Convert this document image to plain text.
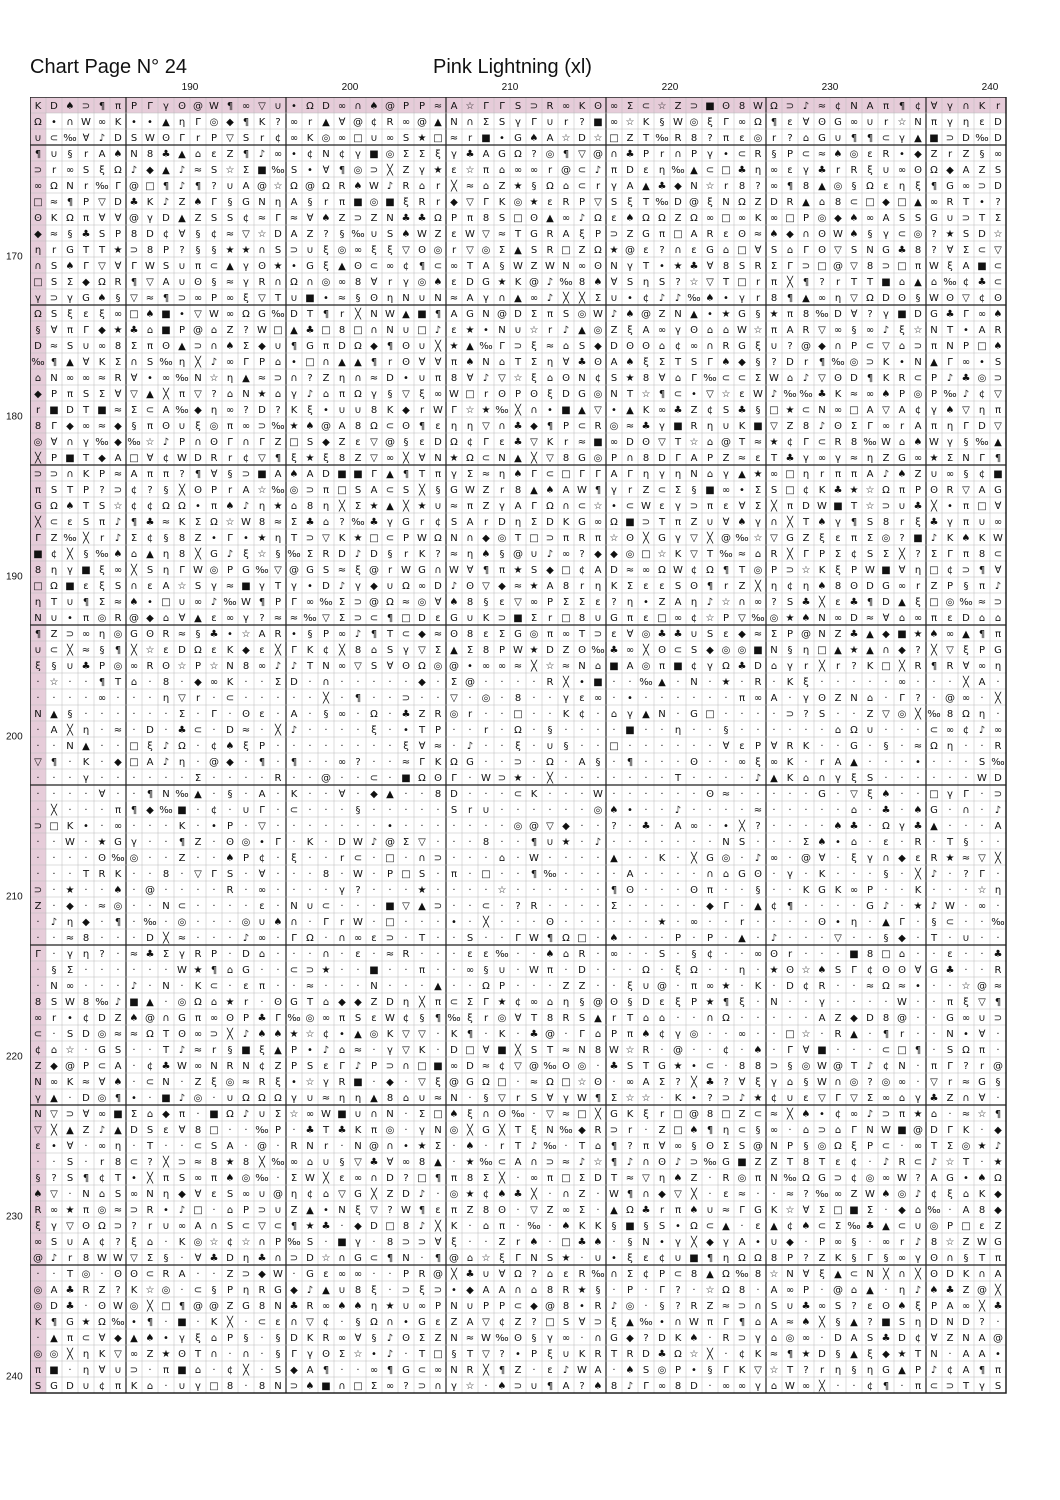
Chart Page N° 24	Pink Lightning (xl)
190	200	210	220	230	240
170
180
190
200
210
220
230
240
K D ♠ ⊃ ¶ π P Γ γ ʘ @ W ¶ ∞ ▽ ∪ • Ω D ∞ ∩ ♠ @ P P ≈ A ☆ Γ Γ S ⊃ R ∞ K ʘ ∞ Σ ⊂ ☆ Z ⊃ ■ ʘ 8 W Ω ⊃ ♪ ≈ ¢ N A π ¶ ¢ ∀ γ ∩ K r
Ω • ∩ W ∞ K • • ▲ η Γ ◎ ◆ ¶ K ? ∞ r ▲ ∀ @ ¢ R ∞ @ ▲ N ∩ Σ S γ Γ ∪ r ? ■ ∞ ☆ K § W ◎ ξ Γ ∞ Ω ¶ ε ∀ ʘ G ∞ ∪ r ☆ N π γ η ε D
∪ ⊂ ‰ ∀ ♪ D S W ʘ Γ r P ▽ S r ¢ ∞ K ◎ ∞ □ ∪ ∞ S ★ □ ≈ r ■ • G ♠ A ☆ D ☆ □ Z T ‰ R 8 ? π ε ◎ r ? ⌂ G ∪ ¶ ¶ ⊂ γ ▲ ■ ⊃ D ‰ D
¶ ∪ § r A ♠ N 8 ♣ ▲ ⌂ ε Z ¶ ♪ ∞ • ¢ N ¢ γ ■ ◎ Σ Σ ξ γ ♣ A G Ω ? ◎ ¶ ▽ @ ∩ ♣ P r ∩ P γ • ⊂ R § P ⊂ ≈ ♠ ◎ ε R • ◆ Z r Z § ∞
⊃ r ∞ S ξ Ω ♪ ◆ ▲ ♪ ≈ S ☆ Σ ■ ‰ S • ∀ ¶ ◎ ⊃ ╳ Z γ ★ ε ☆ π ⌂ ∞ ∞ r @ ⊂ ♪ π D ε η ‰ ▲ ⊂ □ ♣ η ∞ ε γ ♣ r R ξ ∪ ∞ ʘ Ω ◆ A Z S
∞ Ω N r ‰ Γ @ □ ¶ ♪ ¶ ? ∪ A @ ☆ Ω @ Ω R ♠ W ♪ R ⌂ r ╳ ≈ ⌂ Z ★ § Ω ⌂ ⊂ r γ A ▲ ♣ ◆ N ☆ r 8 ? ∞ ¶ 8 ▲ ◎ § Ω ε η ξ ¶ G ∞ ⊃ D
□ ≈ ¶ P ▽ D ♣ K ♪ Z ♠ Γ § G N η A § r π ■ ◎ ■ ξ R r ◆ ▽ Γ K ◎ ★ ε R P ▽ S ξ T ‰ D @ ξ N Ω Z D R ▲ ⌂ 8 ⊂ □ ◆ □ ▲ ∞ R T • ?
ʘ K Ω π ∀ ∀ @ γ D ▲ Z S S ¢ ≈ Γ ≈ ∀ ♠ Z ⊃ Z N ♣ ♣ Ω P π 8 S □ ʘ ▲ ∞ ♪ Ω ε ♠ Ω Ω Z Ω ∞ □ ∞ K ∞ □ P ◎ ◆ ♠ ∞ A S S G ∪ ⊃ T Σ
◆ ≈ § ♣ S P 8 D ¢ ∀ § ¢ ≈ ▽ ☆ D A Z ? § ‰ ∪ S ♠ W Z ε W ▽ ≈ T G R A ξ P ⊃ Z G π □ A R ε ʘ ≈ ♠ ◆ ∩ ʘ W ♠ § γ ⊂ ◎ ? ★ S D ☆
η r G T T ★ ⊃ 8 P ? § § ★ ★ ∩ S ⊃ ∪ ξ ◎ ∞ ξ ξ ▽ ʘ ◎ r ▽ ◎ Σ ▲ S R □ Z Ω ★ @ ε ? ∩ ε G ⌂ □ ∀ S ⌂ Γ ʘ ▽ S N G ♣ 8 ? ∀ Σ ⊂ ▽
∩ S ♠ Γ ▽ ∀ Γ W S ∪ π ⊂ ▲ γ ʘ ★ • G ξ ▲ ʘ ⊂ ∞ ¢ ¶ ⊂ ∞ T A § W Z W N ∞ ʘ N γ T • ★ ♣ ∀ 8 S R Σ Γ ⊃ □ @ ▽ 8 ⊃ □ π W ξ A ■ ⊂
□ S Σ ◆ Ω R ¶ ▽ A ∪ ʘ § ≈ γ R ∩ Ω ∩ ◎ ∞ 8 ∀ r γ ◎ ♠ ε D G ★ K @ ♪ ‰ 8 ♠ ∀ S η S ? ☆ ▽ T □ r π ╳ ¶ ? r T T ■ ⌂ ▲ ⌂ ‰ ¢ ♣ ⊂
γ ⊃ γ G ♠ § ▽ ≈ ¶ ⊃ ∞ P ∞ ξ ▽ T ∪ ■ • ≈ § ʘ η N ∪ N ≈ A γ ∩ ▲ ∞ ♪ ╳ ╳ Σ ∪ • ¢ ♪ ♪ ‰ ♠ • γ r 8 ¶ ▲ ∞ η ▽ Ω D ʘ § W ʘ ▽ ¢ ʘ
Ω S ξ ε ξ ∞ □ ♠ ■ • ▽ W ∞ Ω G ‰ D T ¶ r ╳ N W ▲ ■ ¶ A G N @ D Σ π S ◎ W ♪ ♠ @ Z N ▲ • ★ G § ★ π 8 ‰ D ∀ ? γ ■ D G ♣ Γ ∞ ♠
§ ∀ π Γ ◆ ★ ♣ ⌂ ■ P @ ⌂ Z ? W □ ▲ ♣ □ 8 □ ∩ N ∪ □ ♪ ε ★ • N ∪ ☆ r ♪ ▲ ◎ Z ξ A ∞ γ ʘ ⌂ ⌂ W ☆ π A R ▽ ∞ § ∞ ♪ ξ ☆ N T • A R
D ≈ S ∪ ∞ 8 Σ π ʘ ▲ ⊃ ∩ ♠ Σ ◆ ∪ ¶ G π D Ω ◆ ¶ ʘ ∪ ╳ ★ ▲ ‰ Γ ⊃ ξ ≈ ⌂ S ◆ D ʘ ʘ ⌂ ¢ ∞ ∩ R G ξ ∪ ? @ ◆ ∩ P ⊂ ▽ ⌂ ⊃ π N P □ ♠
‰ ¶ ▲ ∀ K Σ ∩ S ‰ η ╳ ♪ ∞ Γ P ⌂ • □ ∩ ▲ ▲ ¶ r ʘ ∀ ∀ π ♠ N ⌂ T Σ η ∀ ♣ ʘ A ♠ ξ Σ T S Γ ♠ ◆ § ? D r ¶ ‰ ◎ ⊃ K • N ▲ Γ ∞ • S
⌂ N ∞ ∞ ≈ R ∀ • ∞ ‰ N ☆ η ▲ ≈ ⊃ ∩ ? Z η ∩ ≈ D • ∪ π 8 ∀ ♪ ▽ ☆ ξ ⌂ ʘ N ¢ S ★ 8 ∀ ⌂ Γ ‰ ⊂ ⊂ Σ W ⌂ ♪ ▽ ʘ D ¶ K R ⊂ P ♪ ♣ ◎ ⊃
◆ P π S Σ ∀ ▽ ▲ ╳ π ▽ ? ⌂ N ★ ⌂ γ ♪ ⌂ π Ω γ § ▽ ξ ∞ W □ r ʘ P ʘ ξ D G ◎ N T ☆ ¶ ⊂ • ▽ ☆ ε W ♪ ‰ ‰ ♣ K ≈ ∞ ♠ P ◎ P ‰ ♪ ¢ ▽
r ■ D T ■ ≈ Σ ⊂ A ‰ ◆ η ∞ ? D ? K ξ • ∪ ∪ 8 K ◆ r W Γ ☆ ★ ‰ ╳ ∩ • ■ ▲ ▽ • ▲ K ∞ ♣ Z ¢ S ♣ § □ ★ ⊂ N ∞ □ A ▽ A ¢ γ ♠ ▽ η π
8 Γ ◆ ∞ ≈ ◆ § π ʘ ∪ ξ ◎ π ∞ ⊃ ‰ ★ ♠ @ A 8 Ω ⊂ ʘ ¶ ε η η ▽ ∩ ♣ ◆ ¶ P ⊂ R ◎ ≈ ♣ γ ■ R η ∪ K ■ ▽ Z 8 ♪ ʘ Σ Γ ∞ r A π η Γ D ▽
◎ ∀ ∩ γ ‰ ◆ ‰ ☆ ♪ P ∩ ʘ Γ ∩ Γ Z □ S ◆ Z ε ▽ @ § ε D Ω ¢ Γ ε ♣ ▽ K r ≈ ■ ∞ D ʘ ▽ T ☆ ⌂ @ T ≈ ★ ¢ Γ ⊂ R 8 ‰ W ⌂ ♠ W γ § ‰ ▲
╳ P ■ T ◆ A □ ∀ ¢ W D R r ¢ ▽ ¶ ξ ★ ξ 8 Z ▽ ∞ ╳ ∀ N ★ Ω ⊂ N ▲ ╳ ▽ 8 G ◎ P ∩ 8 D Γ A P Z ≈ ε T ♣ γ ∞ γ ≈ η Z G ∞ ★ Σ N Γ ¶
⊃ ⊃ ∩ K P ≈ A π π ? ¶ ∀ § ⊃ ■ A ♠ A D ■ ■ Γ ▲ ¶ T π γ Σ ≈ η ♠ Γ ⊂ □ Γ Γ A Γ η γ η N ⌂ γ ▲ ★ ∞ □ η r π π A ♪ ♠ Z ∪ ∞ § ¢ ■
π S T P ? ⊃ ¢ ? § ╳ ʘ P r A ☆ ‰ ◎ ⊃ π □ S A ⊂ S ╳ § G W Z r 8 ▲ ♠ A W ¶ γ r Z ⊂ Σ § ■ ∞ • Σ S □ ¢ K ♣ ★ ☆ Ω π P ʘ R ▽ A G
G Ω ♠ T S ☆ ¢ ¢ Ω Ω • π ♠ ♪ η ★ ⌂ 8 η ╳ Σ ★ ▲ ╳ ★ ∪ ≈ π Z γ A Γ Ω ∩ ⊂ ☆ • ⊂ W ε γ ⊃ π ε ∀ Σ ╳ π D W ■ T ☆ ⊃ ∪ ♣ ╳ • π □ ∀
╳ ⊂ ε S π ♪ ¶ ♣ ≈ K Σ Ω ☆ W 8 ≈ Σ ♣ ⌂ ? ‰ ♣ γ G r ¢ S A r D η Σ D K G ∞ Ω ■ ⊃ T π Z ∪ ∀ ♠ γ ∩ ╳ T ♠ γ ¶ S 8 r ξ ♣ γ π ∪ ∞
Γ Z ‰ ╳ r ♪ Σ ¢ § 8 Z • Γ • ★ η T ⊃ ▽ K ★ □ ⊂ P W Ω N ∩ ◆ ◎ T □ ⊃ π R π ☆ ʘ ╳ G γ ▽ ╳ @ ‰ ☆ ▽ G Z ξ ε π Σ ◎ ? ■ ♪ K ♠ K W
■ ¢ ╳ § ‰ ♠ ⌂ ▲ η 8 ╳ G ♪ ξ ☆ § ‰ Σ R D ♪ D § r K ? ≈ η ♠ § @ ∪ ♪ ∞ ? ◆ ◆ ◎ □ ☆ K ▽ T ‰ ≈ ⌂ R ╳ Γ P Σ ¢ S Σ ╳ ? Σ Γ π 8 ⊂
8 η γ ■ ξ ∞ ╳ S η Γ W ◎ P G ‰ ▽ @ G S ≈ ξ @ r W G ∩ W ∀ ¶ π ★ S ◆ □ ¢ A D ≈ ∞ Ω W ¢ Ω ¶ T ◎ P ⊃ ☆ K ξ P W ■ ∀ η □ ¢ ⊃ ¶ ∀
□ Ω ■ ε ξ S ∩ ε A ☆ S γ ≈ ■ γ T γ • D ♪ γ ◆ ∪ Ω ∞ D ♪ ʘ ▽ ◆ ≈ ★ A 8 r η K Σ ε ε S ʘ ¶ r Z ╳ η ¢ η ♠ 8 ʘ D G ∞ r Z P § π ♪
η T ∪ ¶ Σ ≈ ♠ • □ ∪ ∞ ♪ ‰ W ¶ P Γ ∞ ‰ Σ ⊃ @ Ω ≈ ◎ ∀ ♠ 8 § ε ▽ ∞ P Σ Σ ε ? η • Z A η ♪ ☆ ∩ ∞ ? S ♣ ╳ ε ♣ ¶ D ▲ ξ □ ◎ ‰ ≈ ⊃
N ∪ • π ◎ R @ ◆ ⌂ ∀ ▲ ε ∞ γ ? ≈ ≈ ‰ ▽ Σ ⊃ ⊂ ¶ □ D ε G ∪ K ⊃ ■ Σ r □ 8 ∪ G π ε □ ∞ ¢ ☆ P ▽ ‰ ◎ ★ ♠ N ∞ D ≈ ∀ ⌂ ∞ π ε D ⌂ ⌂
¶ Z ⊃ ∞ η ◎ G ʘ R ≈ § ♣ • ☆ A R • § P ∞ ♪ ¶ T ⊂ ◆ ≈ ʘ 8 ε Σ G ◎ π ∞ T ⊃ ε ∀ ◎ ♣ ♣ ∪ S ε ◆ ≈ Σ P @ N Z ♣ ▲ ◆ ■ ★ ♠ ∞ ▲ ¶ π
∪ ⊂ ╳ ≈ § ¶ ╳ ☆ ε D Ω ε K ◆ ε ╳ Γ K ¢ ╳ 8 ⌂ S γ ▽ Σ ▲ Σ 8 P W ★ D Z ʘ ‰ ♣ ∞ ╳ ʘ ⊂ S ◆ ◎ ◎ ■ N § η □ ▲ ★ ▲ ∩ ◆ ? ╳ ▽ ξ P G
ξ § ∪ ♣ P ◎ ∞ R ʘ ☆ P ☆ N 8 ∞ ♪ ♪ T N ∞ ▽ S ∀ ʘ Ω ◎ @ • ∞ ∞ ≈ ╳ ☆ ≈ N ⌂ ■ A ◎ π ■ ¢ γ Ω ♣ D ⌂ γ r ╳ r ? K □ ╳ R ¶ R ∀ ∞ η
· ☆ · · ¶ T ⌂ · 8 · ◆ ∞ K · · Σ D · ∩ · · · · · ◆ · Σ @ · · · · R ╳ • ■ · · ‰ ▲ · N · ★ · R · K ξ · · · · · ∞ · · · ╳ A ·
· · · · ∞ · · · η ▽ r · ⊂ · · · · · ╳ · ¶ · · ⊃ · · ▽ · ◎ · 8 · · γ ε ∞ · • · · · · · · π ∞ A · γ ʘ Z N ⌂ · Γ ? · @ ∞ · ╳
N ▲ § · · · · · · Σ · Γ · ʘ ε · A · § ∞ · Ω · ♣ Z R ◎ r · · □ · · K ¢ · ⌂ γ ▲ N · G □ · · · · ⊃ ? S · · Z ▽ ◎ ╳ ‰ 8 Ω η ·
· A ╳ η · ≈ · D · ♣ ⊂ · D ≈ · ╳ ♪ · · · · ξ · • T P · · r · Ω · § · · · · ■ · · η · · § · · · · · · ⌂ Ω ∪ · · · ⊂ ∞ ¢ ♪ ∞
· · N ▲ · · □ ξ ♪ Ω · ¢ ♠ ξ P · · · · · · · · ξ ∀ ≈ · ♪ · · ξ · ∪ § · · □ · · · · · · ∀ ε P ∀ R K · · G · § · ≈ Ω η · · R
▽ ¶ · K · ◆ □ A ♪ η · @ ◆ · ¶ · ¶ · · ∞ ? · · ≈ Γ K Ω G · · ⊃ · Ω · A § · ¶ · · · ʘ · · ∞ ξ ∞ K · r A ▲ · · · • · · · S ‰
· · · γ · · · · · · Σ · · · · R · · @ · · ⊂ · ■ Ω ʘ Γ · W ⊃ ★ · ╳ · · · · · · · T · · · · ♪ ▲ K ⌂ ∩ γ ξ S · · · · · · W D
· · · · ∀ · · ¶ N ‰ ▲ · § · A · K · · ∀ · ◆ ▲ · · 8 D · · · ⊂ K · · · W · · · · · · ʘ ≈ · · · · · G · ▽ ξ ♠ · · □ γ Γ · ⊃
· ╳ · · · π ¶ ◆ ‰ ■ · ¢ · ∪ Γ · ⊂ · · · § · · · · · S r ∪ · · · · · · ◎ ♠ • · · ♪ · · · · ≈ · · · · · ⌂ · ♣ · ♠ G · ∩ · ♪
⊃ □ K • · ∞ · · · K · • P · ▽ · · · · · · · • · · · · · · · ◎ @ ▽ ◆ · · ? · ♣ · A ∞ · • ╳ ? · · · · ♠ ♣ · Ω γ ♣ ▲ · · · A
· · W · ★ G γ · · ¶ Z · ʘ ◎ • Γ · K · D W ♪ @ Σ ▽ · · · 8 · · ¶ ∪ ★ · ♪ · · · · · · · N S · · · Σ ♠ • ⌂ · ε · R · T § · ·
· · · · ʘ ‰ ◎ · · Z · · ♠ P ¢ · ξ · · r ⊂ · □ · ∩ ⊃ · · · ⌂ · W · · · · ▲ · · K · ╳ G ◎ · ♪ ∞ · @ ∀ · ξ γ ∩ ◆ ε R ★ ≈ ▽ ╳
· · · T R K · · 8 · ▽ Γ S · ∀ · · · 8 · W · P □ S · π · □ · · ¶ ‰ · · · · A · · · · ∩ ⌂ G ʘ · γ · K · · · § · ╳ ♪ · ? Γ ·
⊃ · ★ · · ♠ · @ · · · · R · ∞ · · · · γ ? · · · ★ · · · · ☆ · · · · · · ¶ ʘ · · · ʘ π · · § · · K G K ∞ P · · K · · · ☆ η
Z · ◆ · ≈ ◎ · · N ⊂ · · · · ε · N ∪ ⊂ · · · ■ ▽ ▲ ⊃ · · ⊂ · ? R · · · · Σ · · · · · ◆ Γ · ▲ ¢ ¶ · · · · G ♪ · ★ ♪ W · ∞ ·
· ♪ η ◆ · ¶ · ‰ · ◎ · · · ◎ ∪ ♠ ∩ · Γ r W · □ · · · • · ╳ · · · ʘ · · · · · · ★ · ∞ · · r · · · · ʘ • η · ▲ Γ · § ⊂ · · ‰
· · ≈ 8 · · · D ╳ ≈ · · · ♪ ∞ · Γ Ω · ∩ ∞ ε ⊃ · T · · S · · Γ W ¶ Ω □ · ♠ · · · P · P · ▲ · ♪ · · · ▽ · · § ◆ · T · ∪ · ·
Γ · γ η ? · ≈ ♣ Σ γ R P · D ⌂ · · · ∩ · ε · ≈ R · · · ε ε ‰ · · ♠ ⌂ R · ∞ · · S · § ¢ · · ∞ ʘ r · · · ■ 8 □ ⌂ · · ε · · ♣
· § Σ · · · · · · W ★ ¶ ⌂ G · · ⊂ ⊃ ★ · · ■ · · π · · ∞ § ∪ · W π · D · · · Ω · ξ Ω · · η · ★ ʘ ☆ ♠ S Γ ¢ ʘ ʘ ∀ G ♣ · · R
· N ∞ · · · ♪ · N · K ⊂ · ε π · · ≈ · · · N · · · ▲ · · Ω P · · · Z Z · · ξ ∪ @ · π ∞ ★ · K · D ¢ R · · ≈ Ω ≈ • · · ☆ @ ≈
8 S W 8 ‰ ♪ ■ ▲ · ◎ Ω ⌂ ★ r · ʘ G T ⌂ ◆ ◆ Z D η ╳ π ⊂ Σ Γ ★ ¢ ∞ ⌂ η § @ ʘ § D ε ξ P ★ ¶ ξ · N · · γ · · · · W · · π ξ ▽ ¶
∞ r • ¢ D Z ♠ @ ∩ G π ∞ ʘ P ♣ Γ ‰ ◎ ∞ π S ε W ¢ § ¶ ‰ ξ r ◎ ∀ T 8 R S ▲ r T ⌂ ⌂ · · ∩ Ω · · · · · A Z ◆ D 8 @ · · G ∞ ∪ ⊃
⊂ · S D ◎ ≈ ≈ Ω T ʘ ∞ ⊃ ╳ ♪ ♠ ♠ ★ ☆ ¢ • ▲ ◎ K ▽ ▽ · K ¶ · K · ♣ @ · Γ ⌂ P π ♠ ¢ γ ◎ · · ∞ · · □ ☆ · R ▲ · ¶ r · · N • ∀ ·
¢ ⌂ ☆ · G S · · T ♪ ≈ r § ■ ξ ▲ P • ♪ ⌂ ≈ · γ ▽ K · D □ ∀ ■ ╳ S T ≈ N 8 W ☆ R · @ · · ¢ · ♠ · Γ ∀ ■ · · · ⊂ □ ¶ · S Ω π ·
Z ◆ @ P ⊂ A · ¢ ♣ W ∞ N R N ¢ Z P S ε Γ ♪ P ⊃ ∩ □ ■ ∞ D ≈ ¢ ▽ @ ‰ ʘ ◎ · ♣ S T G ★ • ⊂ · 8 8 ⊃ § ◎ W @ T ♪ ¢ N · π Γ ? r @
N ∞ K ≈ ∀ ♠ · ⊂ N · Z ξ ◎ ≈ R ξ • ☆ γ R ■ · ◆ · ▽ ξ @ G Ω □ · ≈ Ω □ ☆ ʘ · ∞ A Σ ? ╳ ♣ ? ∀ ξ γ ⌂ § W ∩ ◎ ? ◎ ∞ · ▽ r ≈ G §
γ ▲ · D ◎ ¶ • · ■ ♪ ◎ · ∪ Ω Ω Ω γ ∪ ≈ η η ▲ 8 ⌂ ∪ ≈ N · § ▽ r S ∀ γ W ¶ Σ ☆ ☆ · K • ? ⊃ ♪ ★ ¢ ∪ ε ▽ Γ ▽ Σ ∞ ⌂ γ ♣ Z ∩ ∀ ·
N ▽ ⊃ ∀ ∞ ■ Σ ⌂ ◆ π · ■ Ω ♪ ∪ Σ ☆ ∞ W ■ ∪ ∩ N · Σ □ ♠ ξ ∩ ʘ ‰ · ▽ ≈ □ ╳ G K ξ r □ @ 8 □ Z ⊂ ≈ ╳ ♠ • ¢ ∞ ♪ ⊃ π ★ ⌂ · ≈ ☆ ¶
▽ ╳ ▲ Z ♪ ▲ D S ε ∀ 8 □ · · ‰ P · ♣ T ♣ K π ◎ · γ N ◎ ╳ G ╳ T ξ N ‰ ◆ R ⊃ r · Z □ ♠ ¶ η ⊂ § ∞ · ⌂ ⊃ ⌂ Γ N W ■ @ D Γ K · ◆
ε • ∀ · ∞ η · T · · ⊂ S A · @ · R N r · N @ ∩ • ★ Σ · ♠ · r T ♪ ‰ · T ⌂ ¶ ? π ∀ ∞ § ʘ Σ S @ N P § ◎ Ω ξ P ⊂ · ∞ T Σ ◎ ★ ♪
· · S · r 8 ⊂ ? ╳ ⊃ ≈ 8 ★ 8 ╳ ‰ ∞ ⌂ ∪ § ▽ ♣ ∀ ∞ 8 ▲ · ★ ‰ ⊂ A ∩ ⊃ ≈ ♪ ☆ ¶ ♪ ∩ ʘ ♪ ⊃ ‰ G ■ Z Z T 8 T ε ¢ · ♪ R ⊂ ♪ ☆ T · ★
§ ? S ¶ ¢ T • ╳ π S ∞ π ♠ ◎ ‰ · Σ W ╳ ε ∞ ∩ D ? □ ¶ π 8 Σ ╳ · ∞ π □ Σ D T ≈ ▽ η ♠ Z · R ◎ π N ‰ Ω G ⊃ ¢ ◎ ∞ W ? A G • ♠ Ω
♠ ▽ · N ⌂ S ∞ N η ◆ ∀ ε S ∞ ∪ @ η ¢ ⌂ ▽ G ╳ Z D ♪ · ◎ ★ ¢ ♠ ♣ ╳ · ∩ Z · W ¶ ∩ ◆ ▽ ╳ · ε ≈ · · ≈ ? ‰ ∞ Z W ♠ ◎ ♪ ¢ ξ ⌂ K ◆
R ∞ ★ π ◎ ≈ ⊃ R • ♪ □ · ⌂ P ⊃ ∪ Z ▲ • N ξ ▽ ? W ¶ ε π Z 8 ʘ · ▽ Z ∞ Σ · ▲ Ω ♣ r π ♠ ∪ ≈ Γ G K ☆ ∀ Σ □ ■ Σ · ◆ ⌂ ‰ · A 8 ◆
ξ γ ▽ ʘ Ω ⊃ ? r ∪ ∞ A ∩ S ⊂ ▽ ⊂ ¶ ★ ♣ · ◆ D □ 8 ♪ ╳ K · ⌂ π · ‰ · ♠ K K § ■ § S • Ω ⊂ ▲ · ε ▲ ¢ ♠ ⊂ Σ ‰ ♣ ▲ ⊂ ∪ ◎ P □ ε Z
∞ S ∪ A ¢ ? ξ ⌂ · K ◎ ☆ ¢ ☆ ∩ P ‰ S · ■ γ · 8 ⊃ ⊃ ∀ ξ · · Z r ♠ · □ ♣ ♠ · § N • γ ╳ ◆ γ A • ∪ ◆ · P ∞ § · ∞ r ♪ 8 ☆ Z W G
@ ♪ r 8 W W ▽ Σ § · ∀ ♣ D η ♣ ∩ ⊃ D ☆ ∩ G ⊂ ¶ N · ¶ @ ⌂ ☆ ξ Γ N S ★ · ∪ • ξ ε ¢ ∪ ■ ¶ η Ω Ω 8 P ? Z K § Γ § ∞ γ ʘ ∩ § T π
· · T ◎ · ʘ ʘ ⊂ R A · · Z ⊃ ◆ W · G ε ∞ ∞ · · P R @ ╳ ♣ ∪ ∀ Ω ? ⌂ ε R ‰ ∩ Σ ¢ P ⊂ 8 ▲ Ω ‰ 8 ☆ N ∀ ξ ▲ ⊂ N ╳ ∩ ╳ ʘ D K ∩ A
◎ A ♣ R Z ? K ☆ ◎ · ⊂ § P η R G ◆ ♪ ▲ ∪ 8 ξ · ⊃ ξ ⊃ • ◆ A A ∩ ⌂ 8 R ★ § · P · Γ ? · ☆ Ω 8 · A ∞ P · @ ⌂ ▲ · η ♪ ♠ ♣ Z @ ╳
◎ D ♣ · ʘ W ◎ ╳ □ ¶ @ @ Z G 8 N ♣ R ∞ ♠ ♠ η ★ ∪ ∞ P N ∪ P P ⊂ ◆ @ 8 • R ♪ ◎ · § ? R Z ≈ ⊃ ∩ S ∪ ♣ ∞ S ? ε ʘ ♠ ξ P A ∞ ╳ ♣
K ¶ G ★ Ω ‰ • ¶ · ■ · K ╳ · ⊂ ε ∩ ▽ ¢ · § Ω ∩ • G ε Z A ▽ ¢ Z ? □ S ∀ ⊃ ξ ▲ ‰ • ∩ W π Γ ¶ ⌂ A ≈ ♠ ╳ § ▲ ? ■ S η D N D ? ·
· ▲ π ⊂ ∀ ◆ ▲ ♠ • γ ξ ⌂ P § · § D K R ∞ ∀ § ♪ ʘ Σ Z N ≈ W ‰ ʘ § γ ∞ · ∩ G ◆ ? D K ♠ · R ⊃ γ ⌂ ◎ ∞ · D A S ♣ D ¢ ∀ Z N A @
◎ ◎ ╳ η K ▽ ∞ Z ★ ʘ T ∩ · ∩ · § Γ γ ʘ Σ ☆ • ♪ · T □ § T ▽ ? • P ξ ∪ K R T R D ♣ Ω ☆ ╳ · ¢ K ≈ ¶ ★ D § ▲ ξ ◆ ★ T N · A A •
π ■ · η ∀ ∪ ⊃ · π ■ ⌂ · ¢ ╳ · S ◆ A ¶ · · ∞ ¶ G ⊂ ∞ N R ╳ ¶ Z · ε ♪ W A · ♠ S ◎ P • § Γ K ▽ ☆ T ? r η § η G ▲ P ♪ ¢ A ¶ π
S G D ∪ ¢ π K ⌂ · ∪ γ □ 8 · 8 N ⊃ ♠ ■ ∩ □ Σ ∞ ? ⊃ ∩ γ ☆ · ♠ ⊃ ∪ ¶ A ? ♠ 8 ♪ Γ ∞ 8 D · ∞ ∞ γ ⌂ W ∞ ╳ · · ¢ ¶ · π ⊂ ⊃ T γ S
